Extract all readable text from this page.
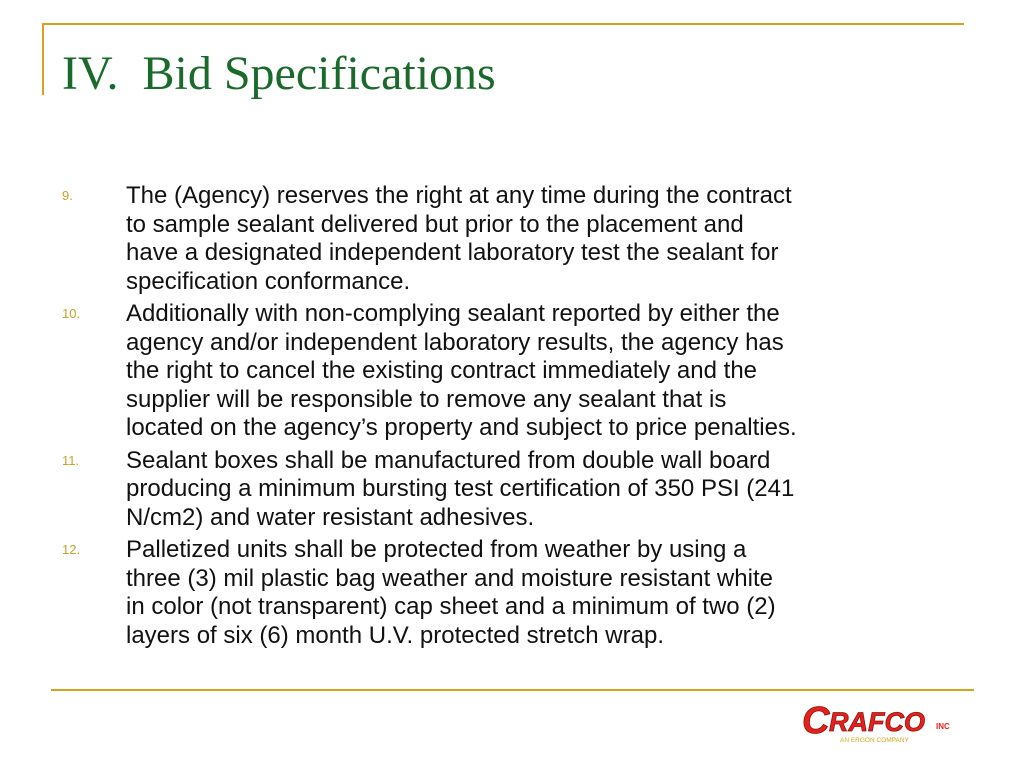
IV.  Bid Specifications
9. The (Agency) reserves the right at any time during the contract
to sample sealant delivered but prior to the placement and
have a designated independent laboratory test the sealant for
specification conformance.
10. Additionally with non-complying sealant reported by either the
agency and/or independent laboratory results, the agency has
the right to cancel the existing contract immediately and the
supplier will be responsible to remove any sealant that is
located on the agency’s property and subject to price penalties.
11. Sealant boxes shall be manufactured from double wall board
producing a minimum bursting test certification of 350 PSI (241
N/cm2) and water resistant adhesives.
12. Palletized units shall be protected from weather by using a
three (3) mil plastic bag weather and moisture resistant white
in color (not transparent) cap sheet and a minimum of two (2)
layers of six (6) month U.V. protected stretch wrap.
C RAFCO INC
AN ERGON COMPANY
